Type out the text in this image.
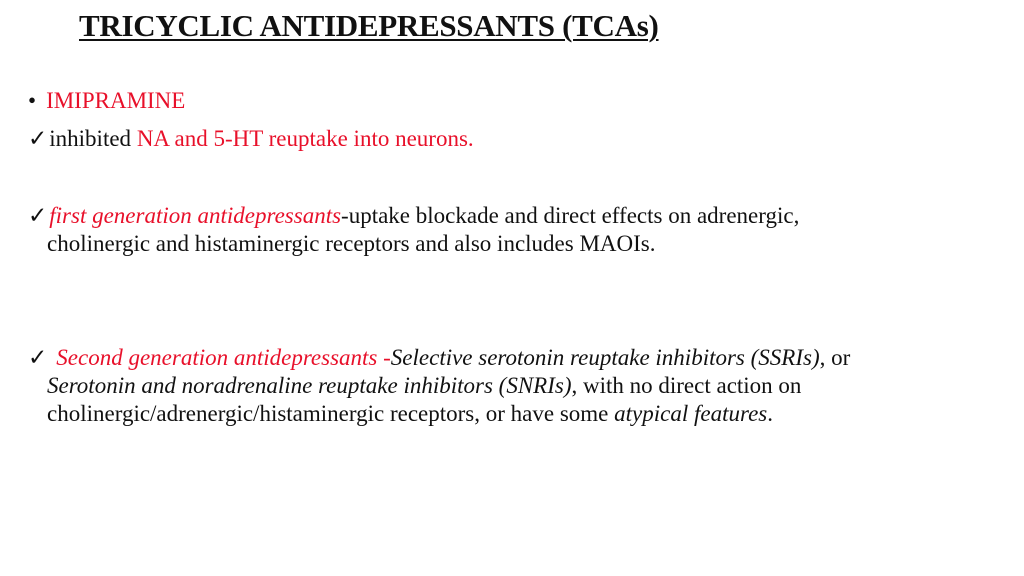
TRICYCLIC ANTIDEPRESSANTS (TCAs)
• IMIPRAMINE
✓inhibited NA and 5-HT reuptake into neurons.
✓first generation antidepressants-uptake blockade and direct effects on adrenergic,
cholinergic and histaminergic receptors and also includes MAOIs.
✓ Second generation antidepressants -Selective serotonin reuptake inhibitors (SSRIs), or
Serotonin and noradrenaline reuptake inhibitors (SNRIs), with no direct action on
cholinergic/adrenergic/histaminergic receptors, or have some atypical features.
